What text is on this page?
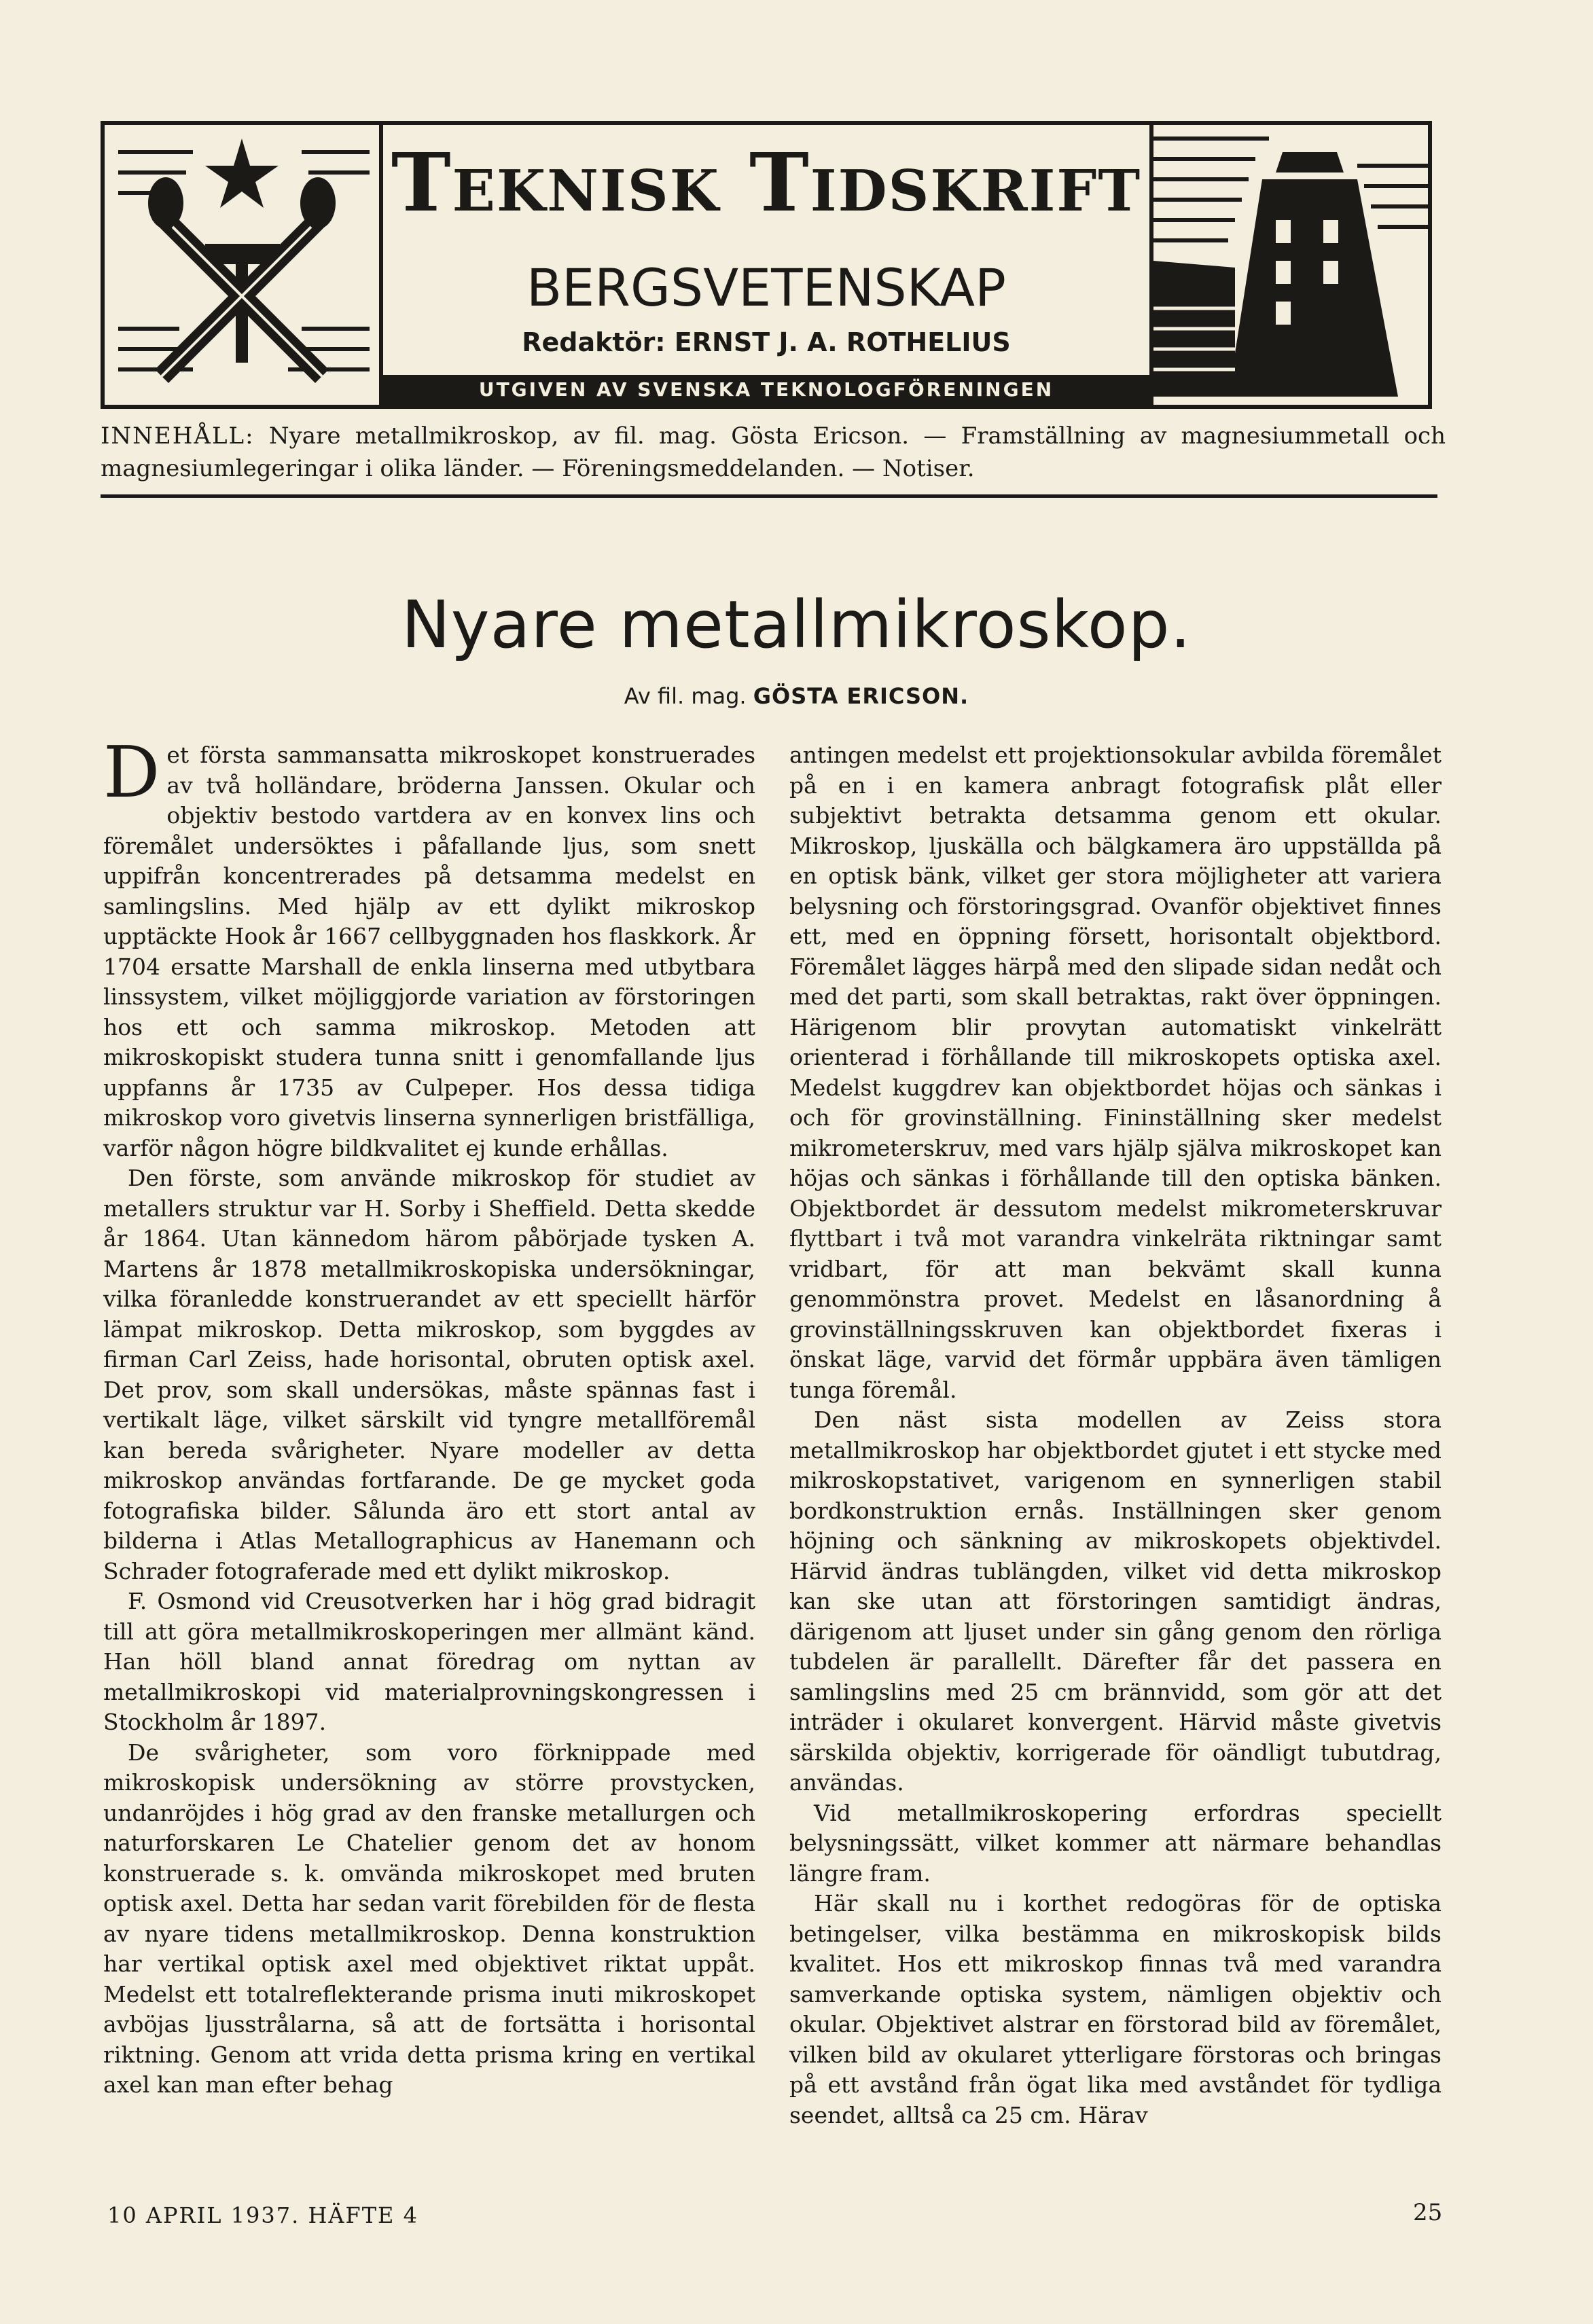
Teknisk Tidskrift
BERGSVETENSKAP
Redaktör: ERNST J. A. ROTHELIUS
UTGIVEN AV SVENSKA TEKNOLOGFÖRENINGEN
INNEHÅLL: Nyare metallmikroskop, av fil. mag. Gösta Ericson. — Framställning av magnesiummetall och magnesiumlegeringar i olika länder. — Föreningsmeddelanden. — Notiser.
Nyare metallmikroskop.
Av fil. mag. GÖSTA ERICSON.

Det första sammansatta mikroskopet konstruerades av två holländare, bröderna Janssen. Okular och objektiv bestodo vartdera av en konvex lins och föremålet undersöktes i påfallande ljus, som snett uppifrån koncentrerades på detsamma medelst en samlingslins. Med hjälp av ett dylikt mikroskop upptäckte Hook år 1667 cellbyggnaden hos flaskkork. År 1704 ersatte Marshall de enkla linserna med utbytbara linssystem, vilket möjliggjorde variation av förstoringen hos ett och samma mikroskop. Metoden att mikroskopiskt studera tunna snitt i genomfallande ljus uppfanns år 1735 av Culpeper. Hos dessa tidiga mikroskop voro givetvis linserna synnerligen bristfälliga, varför någon högre bildkvalitet ej kunde erhållas.

Den förste, som använde mikroskop för studiet av metallers struktur var H. Sorby i Sheffield. Detta skedde år 1864. Utan kännedom härom påbörjade tysken A. Martens år 1878 metallmikroskopiska undersökningar, vilka föranledde konstruerandet av ett speciellt härför lämpat mikroskop. Detta mikroskop, som byggdes av firman Carl Zeiss, hade horisontal, obruten optisk axel. Det prov, som skall undersökas, måste spännas fast i vertikalt läge, vilket särskilt vid tyngre metallföremål kan bereda svårigheter. Nyare modeller av detta mikroskop användas fortfarande. De ge mycket goda fotografiska bilder. Sålunda äro ett stort antal av bilderna i Atlas Metallographicus av Hanemann och Schrader fotograferade med ett dylikt mikroskop.

F. Osmond vid Creusotverken har i hög grad bidragit till att göra metallmikroskoperingen mer allmänt känd. Han höll bland annat föredrag om nyttan av metallmikroskopi vid materialprovningskongressen i Stockholm år 1897.

De svårigheter, som voro förknippade med mikroskopisk undersökning av större provstycken, undanröjdes i hög grad av den franske metallurgen och naturforskaren Le Chatelier genom det av honom konstruerade s. k. omvända mikroskopet med bruten optisk axel. Detta har sedan varit förebilden för de flesta av nyare tidens metallmikroskop. Denna konstruktion har vertikal optisk axel med objektivet riktat uppåt. Medelst ett totalreflekterande prisma inuti mikroskopet avböjas ljusstrålarna, så att de fortsätta i horisontal riktning. Genom att vrida detta prisma kring en vertikal axel kan man efter behag

antingen medelst ett projektionsokular avbilda föremålet på en i en kamera anbragt fotografisk plåt eller subjektivt betrakta detsamma genom ett okular. Mikroskop, ljuskälla och bälgkamera äro uppställda på en optisk bänk, vilket ger stora möjligheter att variera belysning och förstoringsgrad. Ovanför objektivet finnes ett, med en öppning försett, horisontalt objektbord. Föremålet lägges härpå med den slipade sidan nedåt och med det parti, som skall betraktas, rakt över öppningen. Härigenom blir provytan automatiskt vinkelrätt orienterad i förhållande till mikroskopets optiska axel. Medelst kuggdrev kan objektbordet höjas och sänkas i och för grovinställning. Fininställning sker medelst mikrometerskruv, med vars hjälp själva mikroskopet kan höjas och sänkas i förhållande till den optiska bänken. Objektbordet är dessutom medelst mikrometerskruvar flyttbart i två mot varandra vinkelräta riktningar samt vridbart, för att man bekvämt skall kunna genommönstra provet. Medelst en låsanordning å grovinställningsskruven kan objektbordet fixeras i önskat läge, varvid det förmår uppbära även tämligen tunga föremål.

Den näst sista modellen av Zeiss stora metallmikroskop har objektbordet gjutet i ett stycke med mikroskopstativet, varigenom en synnerligen stabil bordkonstruktion ernås. Inställningen sker genom höjning och sänkning av mikroskopets objektivdel. Härvid ändras tublängden, vilket vid detta mikroskop kan ske utan att förstoringen samtidigt ändras, därigenom att ljuset under sin gång genom den rörliga tubdelen är parallellt. Därefter får det passera en samlingslins med 25 cm brännvidd, som gör att det inträder i okularet konvergent. Härvid måste givetvis särskilda objektiv, korrigerade för oändligt tubutdrag, användas.

Vid metallmikroskopering erfordras speciellt belysningssätt, vilket kommer att närmare behandlas längre fram.

Här skall nu i korthet redogöras för de optiska betingelser, vilka bestämma en mikroskopisk bilds kvalitet. Hos ett mikroskop finnas två med varandra samverkande optiska system, nämligen objektiv och okular. Objektivet alstrar en förstorad bild av föremålet, vilken bild av okularet ytterligare förstoras och bringas på ett avstånd från ögat lika med avståndet för tydliga seendet, alltså ca 25 cm. Härav

10 APRIL 1937. HÄFTE 4	25
